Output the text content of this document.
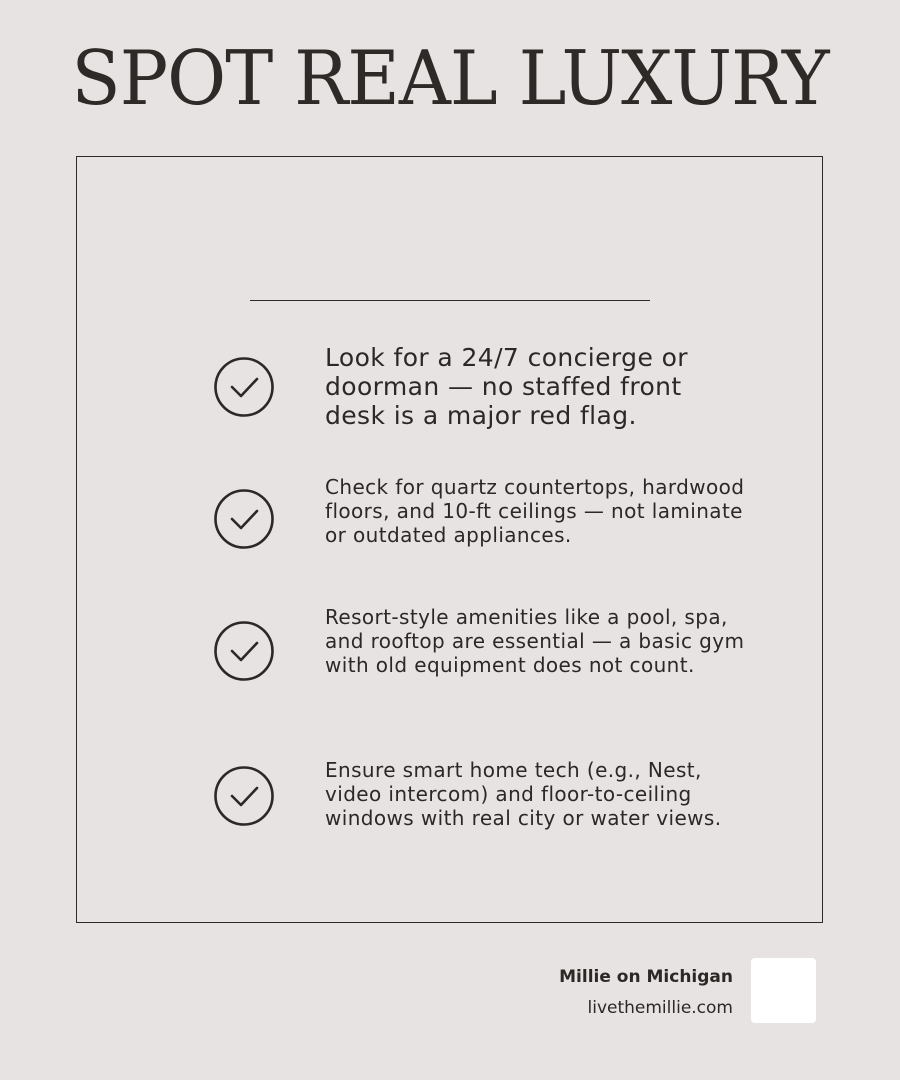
SPOT REAL LUXURY

Look for a 24/7 concierge or doorman — no staffed front desk is a major red flag.

Check for quartz countertops, hardwood floors, and 10-ft ceilings — not laminate or outdated appliances.

Resort-style amenities like a pool, spa, and rooftop are essential — a basic gym with old equipment does not count.

Ensure smart home tech (e.g., Nest, video intercom) and floor-to-ceiling windows with real city or water views.

Millie on Michigan
livethemillie.com
